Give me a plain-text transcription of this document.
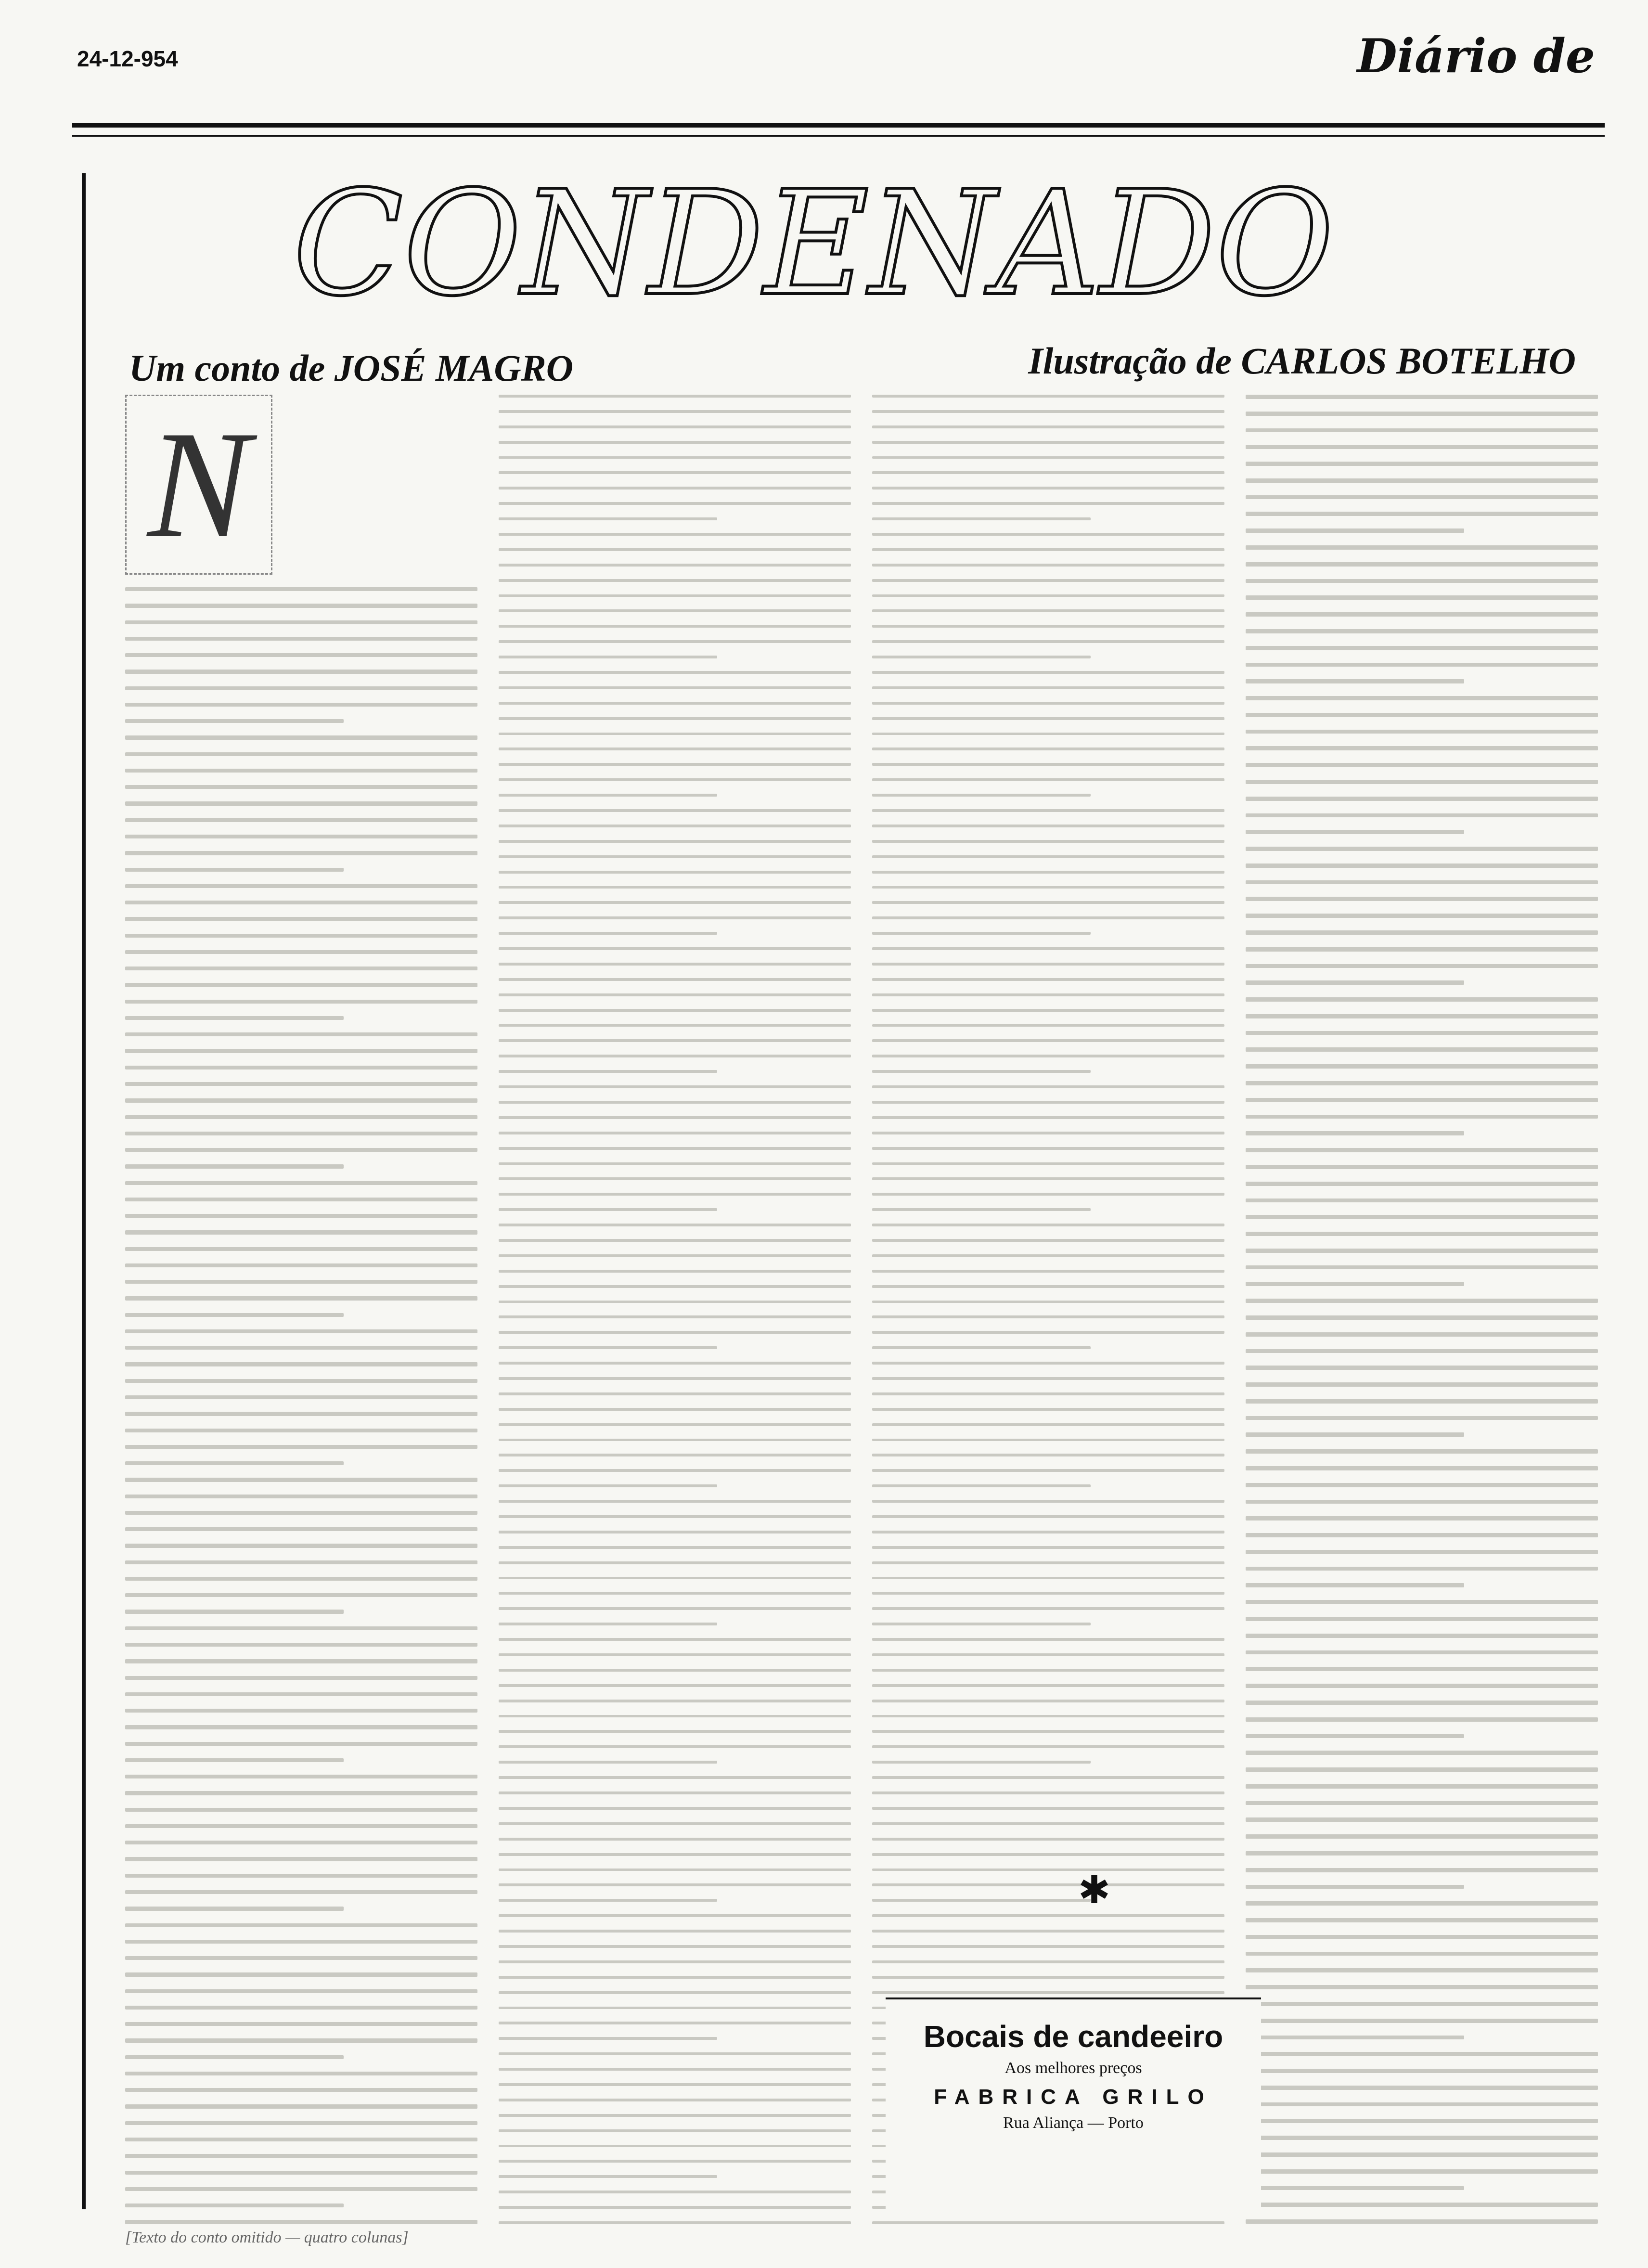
24-12-954	Diário de
CONDENADO
Um conto de JOSÉ MAGRO	Ilustração de CARLOS BOTELHO
N
✱
Bocais de candeeiro
Aos melhores preços
FABRICA GRILO
Rua Aliança — Porto
[Texto do conto omitido — quatro colunas]
